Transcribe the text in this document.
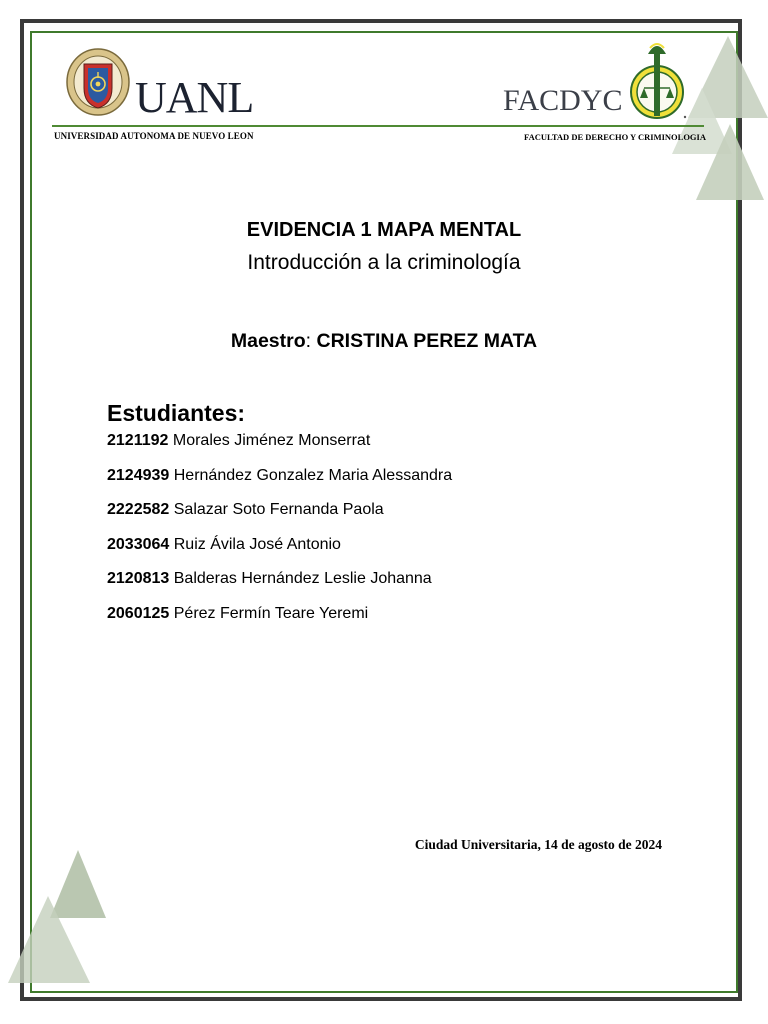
UANL
UNIVERSIDAD AUTONOMA DE NUEVO LEON
FACDYC
FACULTAD DE DERECHO Y CRIMINOLOGIA
EVIDENCIA 1 MAPA MENTAL
Introducción a la criminología
Maestro: CRISTINA PEREZ MATA
Estudiantes:
2121192 Morales Jiménez Monserrat
2124939 Hernández Gonzalez Maria Alessandra
2222582 Salazar Soto Fernanda Paola
2033064 Ruiz Ávila José Antonio
2120813 Balderas Hernández Leslie Johanna
2060125 Pérez Fermín Teare Yeremi
Ciudad Universitaria, 14 de agosto de 2024
